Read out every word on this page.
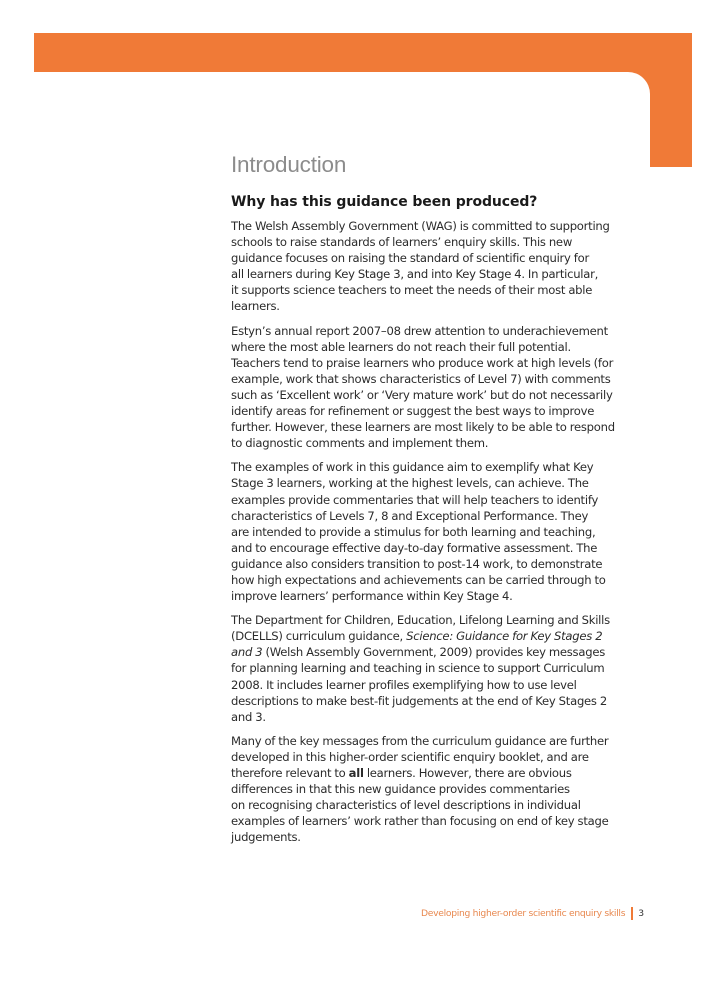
Introduction
Why has this guidance been produced?

The Welsh Assembly Government (WAG) is committed to supporting
schools to raise standards of learners’ enquiry skills. This new
guidance focuses on raising the standard of scientific enquiry for
all learners during Key Stage 3, and into Key Stage 4. In particular,
it supports science teachers to meet the needs of their most able
learners.

Estyn’s annual report 2007–08 drew attention to underachievement
where the most able learners do not reach their full potential.
Teachers tend to praise learners who produce work at high levels (for
example, work that shows characteristics of Level 7) with comments
such as ‘Excellent work’ or ‘Very mature work’ but do not necessarily
identify areas for refinement or suggest the best ways to improve
further. However, these learners are most likely to be able to respond
to diagnostic comments and implement them.

The examples of work in this guidance aim to exemplify what Key
Stage 3 learners, working at the highest levels, can achieve. The
examples provide commentaries that will help teachers to identify
characteristics of Levels 7, 8 and Exceptional Performance. They
are intended to provide a stimulus for both learning and teaching,
and to encourage effective day-to-day formative assessment. The
guidance also considers transition to post-14 work, to demonstrate
how high expectations and achievements can be carried through to
improve learners’ performance within Key Stage 4.

The Department for Children, Education, Lifelong Learning and Skills
(DCELLS) curriculum guidance, Science: Guidance for Key Stages 2
and 3 (Welsh Assembly Government, 2009) provides key messages
for planning learning and teaching in science to support Curriculum
2008. It includes learner profiles exemplifying how to use level
descriptions to make best-fit judgements at the end of Key Stages 2
and 3.

Many of the key messages from the curriculum guidance are further
developed in this higher-order scientific enquiry booklet, and are
therefore relevant to all learners. However, there are obvious
differences in that this new guidance provides commentaries
on recognising characteristics of level descriptions in individual
examples of learners’ work rather than focusing on end of key stage
judgements.

Developing higher-order scientific enquiry skills 3
